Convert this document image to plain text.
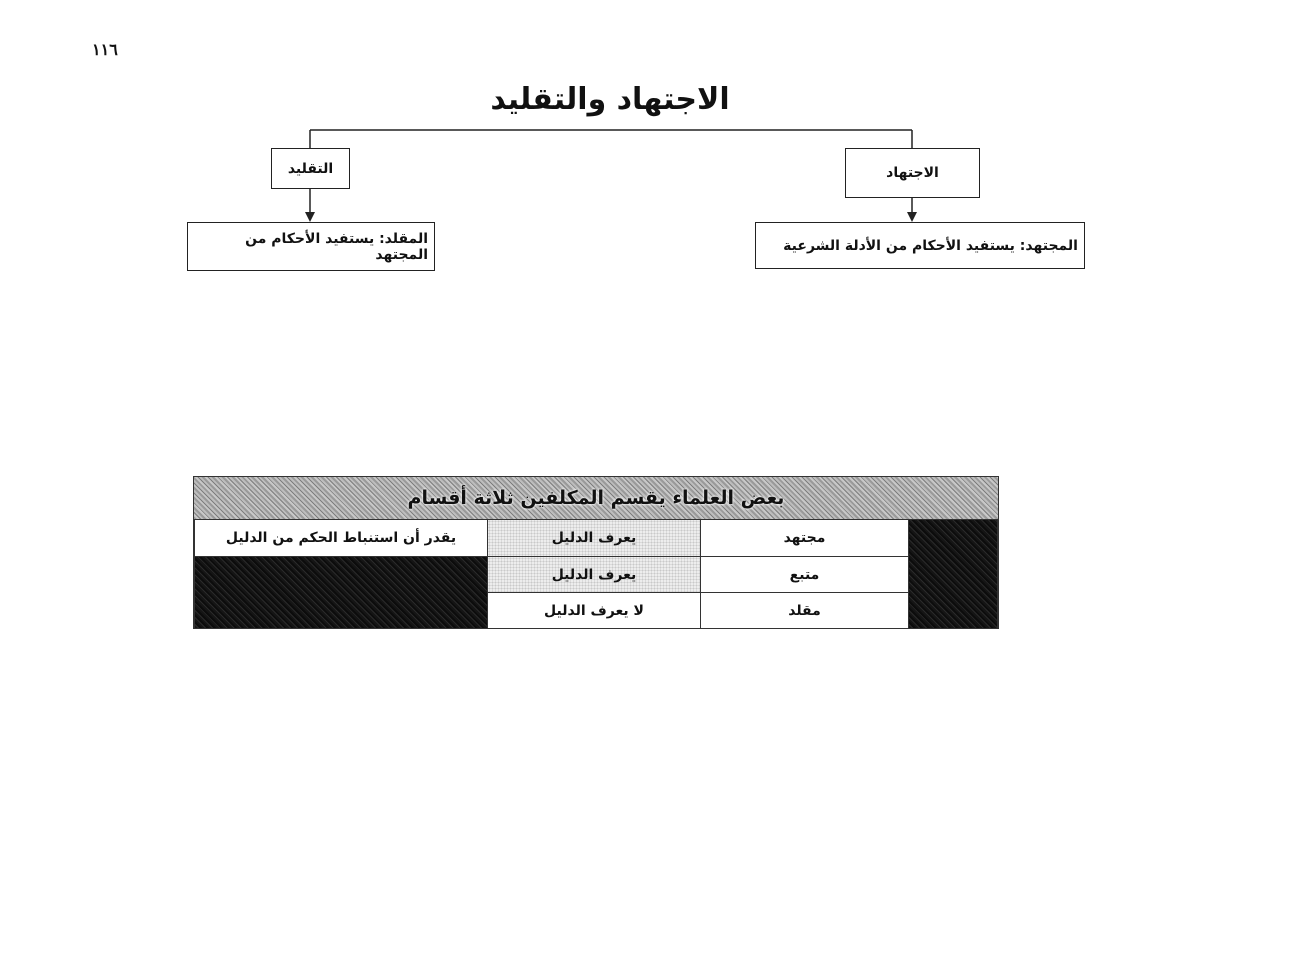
١١٦
الاجتهاد والتقليد
الاجتهاد
التقليد
المجتهد: يستفيد الأحكام من الأدلة الشرعية
المقلد: يستفيد الأحكام من المجتهد
بعض العلماء يقسم المكلفين ثلاثة أقسام
مجتهد
يعرف الدليل
يقدر أن استنباط الحكم من الدليل
متبع
يعرف الدليل
مقلد
لا يعرف الدليل
